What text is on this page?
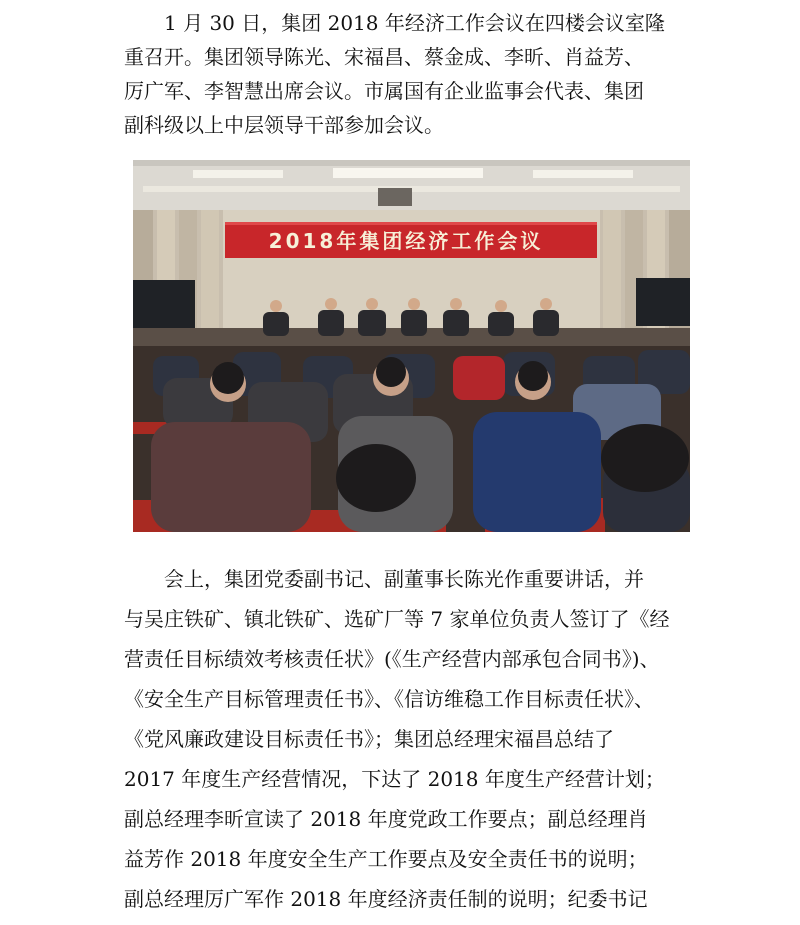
　　1 月 30 日，集团 2018 年经济工作会议在四楼会议室隆
重召开。集团领导陈光、宋福昌、蔡金成、李昕、肖益芳、
厉广军、李智慧出席会议。市属国有企业监事会代表、集团
副科级以上中层领导干部参加会议。
2018年集团经济工作会议
　　会上，集团党委副书记、副董事长陈光作重要讲话，并
与吴庄铁矿、镇北铁矿、选矿厂等 7 家单位负责人签订了《经
营责任目标绩效考核责任状》(《生产经营内部承包合同书》)、
《安全生产目标管理责任书》、《信访维稳工作目标责任状》、
《党风廉政建设目标责任书》；集团总经理宋福昌总结了
2017 年度生产经营情况，下达了 2018 年度生产经营计划；
副总经理李昕宣读了 2018 年度党政工作要点；副总经理肖
益芳作 2018 年度安全生产工作要点及安全责任书的说明；
副总经理厉广军作 2018 年度经济责任制的说明；纪委书记
